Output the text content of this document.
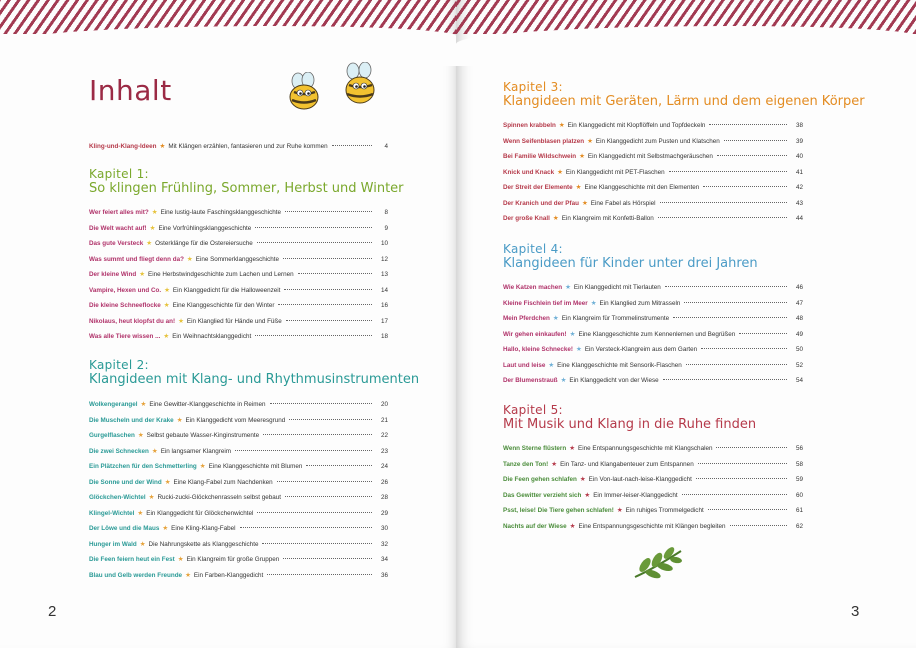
Inhalt
Kling-und-Klang-Ideen ★ Mit Klängen erzählen, fantasieren und zur Ruhe kommen	4
Kapitel 1:
So klingen Frühling, Sommer, Herbst und Winter
Wer feiert alles mit? ★ Eine lustig-laute Faschingsklanggeschichte	8
Die Welt wacht auf! ★ Eine Vorfrühlingsklanggeschichte	9
Das gute Versteck ★ Osterklänge für die Ostereiersuche	10
Was summt und fliegt denn da? ★ Eine Sommerklanggeschichte	12
Der kleine Wind ★ Eine Herbstwindgeschichte zum Lachen und Lernen	13
Vampire, Hexen und Co. ★ Ein Klanggedicht für die Halloweenzeit	14
Die kleine Schneeflocke ★ Eine Klanggeschichte für den Winter	16
Nikolaus, heut klopfst du an! ★ Ein Klanglied für Hände und Füße	17
Was alle Tiere wissen ... ★ Ein Weihnachtsklanggedicht	18
Kapitel 2:
Klangideen mit Klang- und Rhythmusinstrumenten
Wolkengerangel ★ Eine Gewitter-Klanggeschichte in Reimen	20
Die Muscheln und der Krake ★ Ein Klanggedicht vom Meeresgrund	21
Gurgelflaschen ★ Selbst gebaute Wasser-Kinginstrumente	22
Die zwei Schnecken ★ Ein langsamer Klangreim	23
Ein Plätzchen für den Schmetterling ★ Eine Klanggeschichte mit Blumen	24
Die Sonne und der Wind ★ Eine Klang-Fabel zum Nachdenken	26
Glöckchen-Wichtel ★ Rucki-zucki-Glöckchenrasseln selbst gebaut	28
Klingel-Wichtel ★ Ein Klanggedicht für Glöckchenwichtel	29
Der Löwe und die Maus ★ Eine Kling-Klang-Fabel	30
Hunger im Wald ★ Die Nahrungskette als Klanggeschichte	32
Die Feen feiern heut ein Fest ★ Ein Klangreim für große Gruppen	34
Blau und Gelb werden Freunde ★ Ein Farben-Klanggedicht	36
2
Kapitel 3:
Klangideen mit Geräten, Lärm und dem eigenen Körper
Spinnen krabbeln ★ Ein Klanggedicht mit Klopflöffeln und Topfdeckeln	38
Wenn Seifenblasen platzen ★ Ein Klanggedicht zum Pusten und Klatschen	39
Bei Familie Wildschwein ★ Ein Klanggedicht mit Selbstmachgeräuschen	40
Knick und Knack ★ Ein Klanggedicht mit PET-Flaschen	41
Der Streit der Elemente ★ Eine Klanggeschichte mit den Elementen	42
Der Kranich und der Pfau ★ Eine Fabel als Hörspiel	43
Der große Knall ★ Ein Klangreim mit Konfetti-Ballon	44
Kapitel 4:
Klangideen für Kinder unter drei Jahren
Wie Katzen machen ★ Ein Klanggedicht mit Tierlauten	46
Kleine Fischlein tief im Meer ★ Ein Klanglied zum Mitrasseln	47
Mein Pferdchen ★ Ein Klangreim für Trommelinstrumente	48
Wir gehen einkaufen! ★ Eine Klanggeschichte zum Kennenlernen und Begrüßen	49
Hallo, kleine Schnecke! ★ Ein Versteck-Klangreim aus dem Garten	50
Laut und leise ★ Eine Klanggeschichte mit Sensorik-Flaschen	52
Der Blumenstrauß ★ Ein Klanggedicht von der Wiese	54
Kapitel 5:
Mit Musik und Klang in die Ruhe finden
Wenn Sterne flüstern ★ Eine Entspannungsgeschichte mit Klangschalen	56
Tanze den Ton! ★ Ein Tanz- und Klangabenteuer zum Entspannen	58
Die Feen gehen schlafen ★ Ein Von-laut-nach-leise-Klanggedicht	59
Das Gewitter verzieht sich ★ Ein Immer-leiser-Klanggedicht	60
Psst, leise! Die Tiere gehen schlafen! ★ Ein ruhiges Trommelgedicht	61
Nachts auf der Wiese ★ Eine Entspannungsgeschichte mit Klängen begleiten	62
3
